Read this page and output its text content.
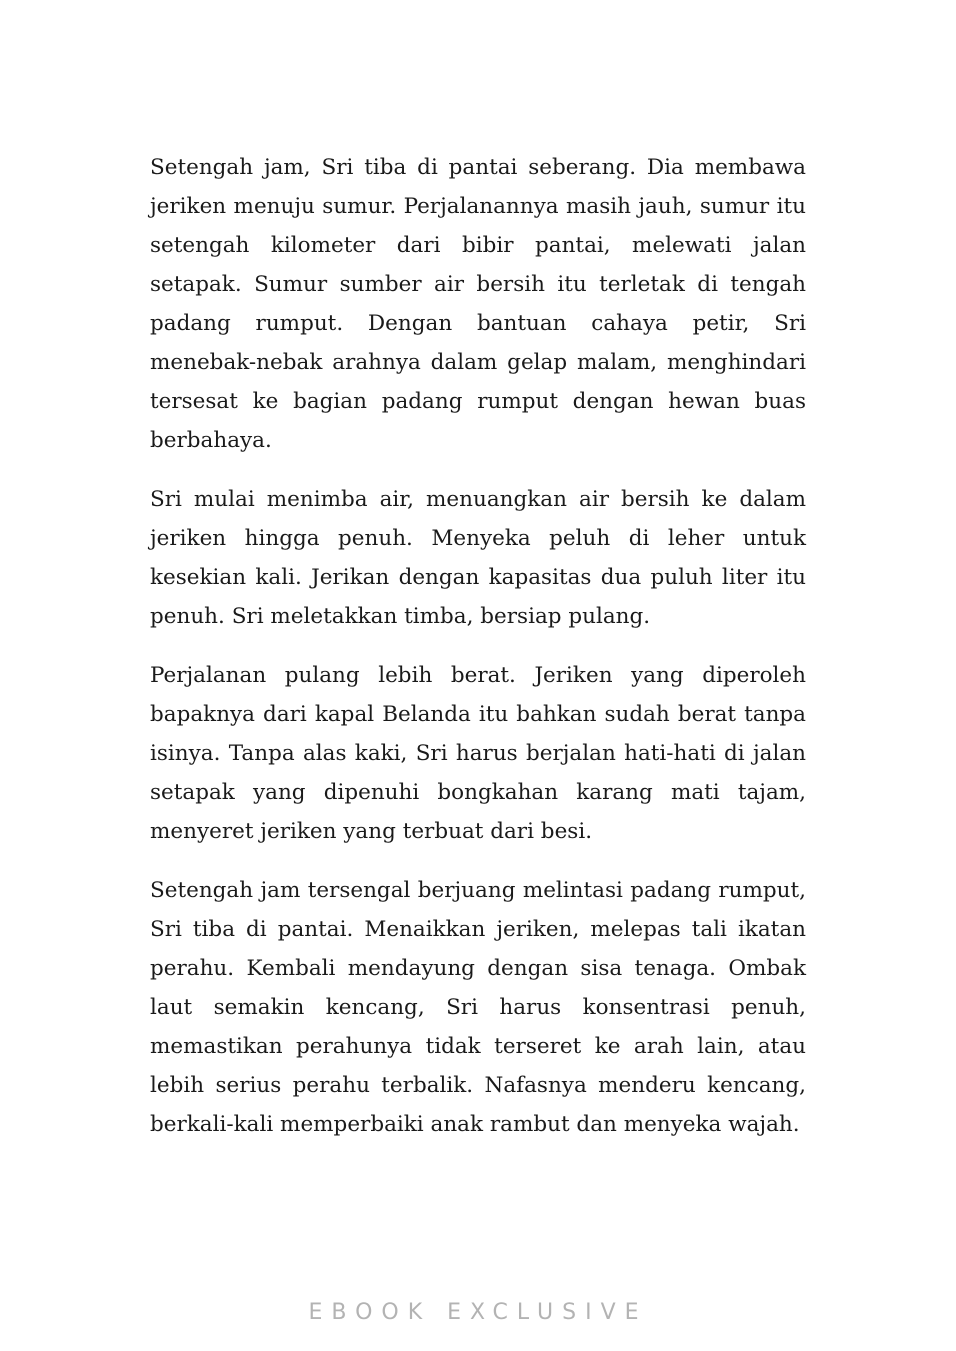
Setengah jam, Sri tiba di pantai seberang. Dia membawa jeriken menuju sumur. Perjalanannya masih jauh, sumur itu setengah kilometer dari bibir pantai, melewati jalan setapak. Sumur sumber air bersih itu terletak di tengah padang rumput. Dengan bantuan cahaya petir, Sri menebak-nebak arahnya dalam gelap malam, menghindari tersesat ke bagian padang rumput dengan hewan buas berbahaya.

Sri mulai menimba air, menuangkan air bersih ke dalam jeriken hingga penuh. Menyeka peluh di leher untuk kesekian kali. Jerikan dengan kapasitas dua puluh liter itu penuh. Sri meletakkan timba, bersiap pulang.

Perjalanan pulang lebih berat. Jeriken yang diperoleh bapaknya dari kapal Belanda itu bahkan sudah berat tanpa isinya. Tanpa alas kaki, Sri harus berjalan hati-hati di jalan setapak yang dipenuhi bongkahan karang mati tajam, menyeret jeriken yang terbuat dari besi.

Setengah jam tersengal berjuang melintasi padang rumput, Sri tiba di pantai. Menaikkan jeriken, melepas tali ikatan perahu. Kembali mendayung dengan sisa tenaga. Ombak laut semakin kencang, Sri harus konsentrasi penuh, memastikan perahunya tidak terseret ke arah lain, atau lebih serius perahu terbalik. Nafasnya menderu kencang, berkali-kali memperbaiki anak rambut dan menyeka wajah.

EBOOK EXCLUSIVE
